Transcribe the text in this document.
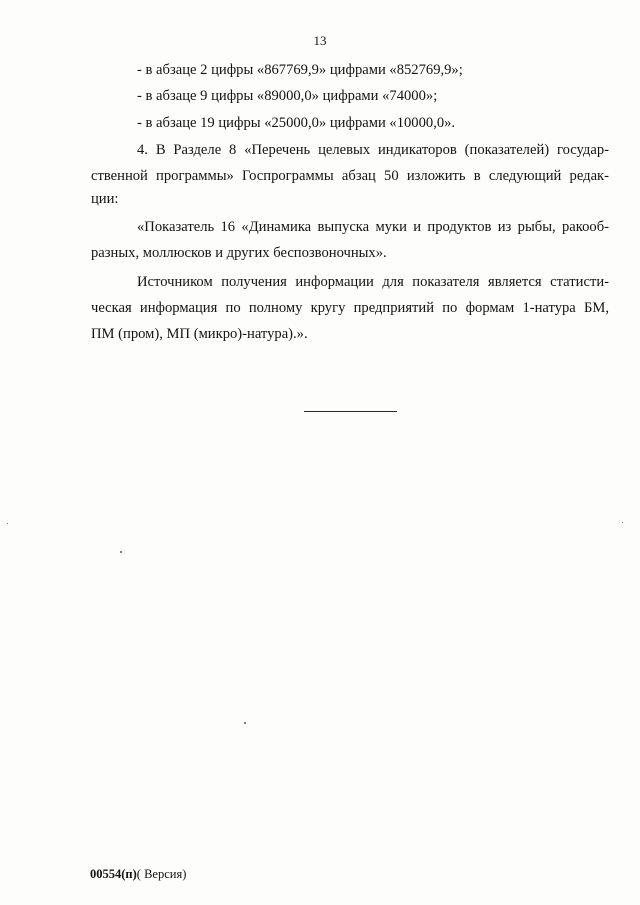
13
- в абзаце 2 цифры «867769,9» цифрами «852769,9»;
- в абзаце 9 цифры «89000,0» цифрами «74000»;
- в абзаце 19 цифры «25000,0» цифрами «10000,0».
4. В Разделе 8 «Перечень целевых индикаторов (показателей) государ-
ственной программы» Госпрограммы абзац 50 изложить в следующий редак-
ции:
«Показатель 16 «Динамика выпуска муки и продуктов из рыбы, ракооб-
разных, моллюсков и других беспозвоночных».
Источником получения информации для показателя является статисти-
ческая информация по полному кругу предприятий по формам 1-натура БМ,
ПМ (пром), МП (микро)-натура).».
00554(п)( Версия)
